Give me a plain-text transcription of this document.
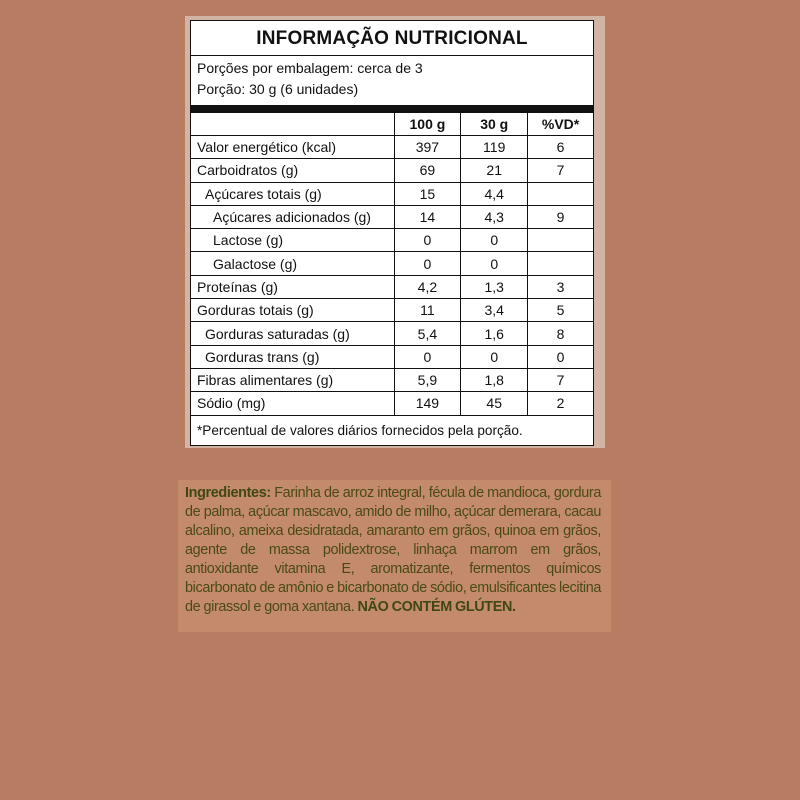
INFORMAÇÃO NUTRICIONAL
Porções por embalagem: cerca de 3
Porção: 30 g (6 unidades)
	100 g	30 g	%VD*
Valor energético (kcal)	397	119	6
Carboidratos (g)	69	21	7
Açúcares totais (g)	15	4,4	
Açúcares adicionados (g)	14	4,3	9
Lactose (g)	0	0	
Galactose (g)	0	0	
Proteínas (g)	4,2	1,3	3
Gorduras totais (g)	11	3,4	5
Gorduras saturadas (g)	5,4	1,6	8
Gorduras trans (g)	0	0	0
Fibras alimentares (g)	5,9	1,8	7
Sódio (mg)	149	45	2
*Percentual de valores diários fornecidos pela porção.
Ingredientes: Farinha de arroz integral, fécula de mandioca, gordura de palma, açúcar mascavo, amido de milho, açúcar demerara, cacau alcalino, ameixa desidratada, amaranto em grãos, quinoa em grãos, agente de massa polidextrose, linhaça marrom em grãos, antioxidante vitamina E, aromatizante, fermentos químicos bicarbonato de amônio e bicarbonato de sódio, emulsificantes lecitina de girassol e goma xantana. NÃO CONTÉM GLÚTEN.
